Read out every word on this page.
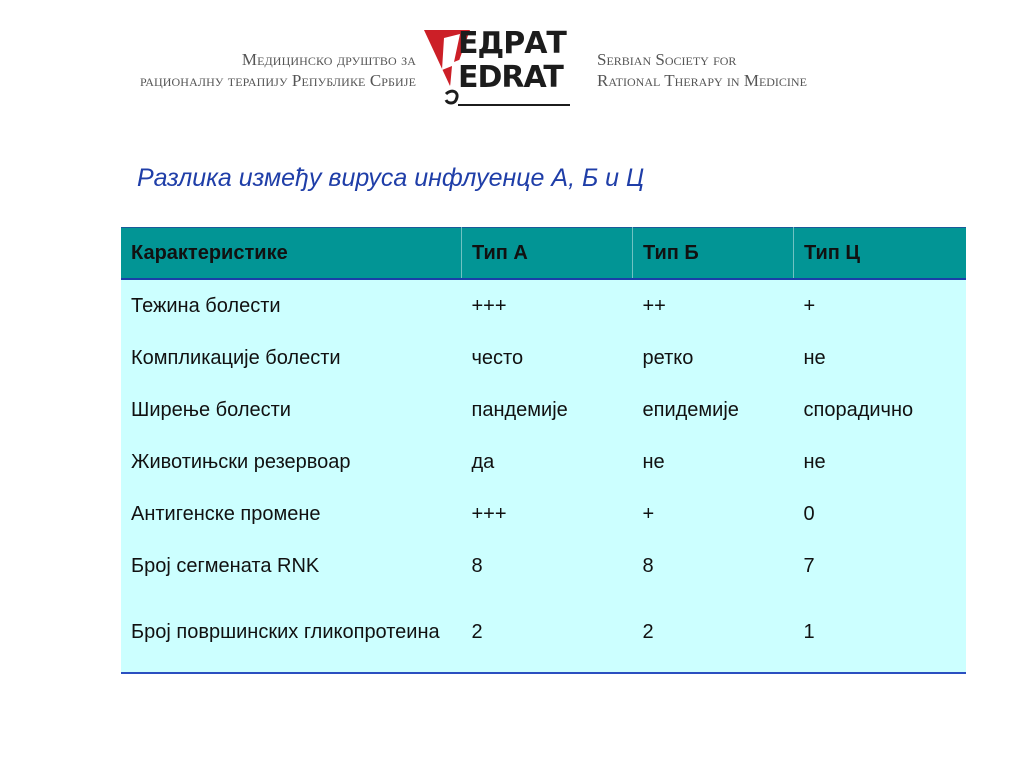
Медицинско друштво за
рационалну терапију Републике Србије
ЕДРАТ
EDRAT
Serbian Society for
Rational Therapy in Medicine
Разлика између вируса инфлуенце А, Б и Ц
Карактеристике	Тип А	Тип Б	Тип Ц
Тежина болести	+++	++	+
Компликације болести	често	ретко	не
Ширење болести	пандемије	епидемије	спорадично
Животињски резервоар	да	не	не
Антигенске промене	+++	+	0
Број сегмената RNK	8	8	7
Број површинских гликопротеина	2	2	1
